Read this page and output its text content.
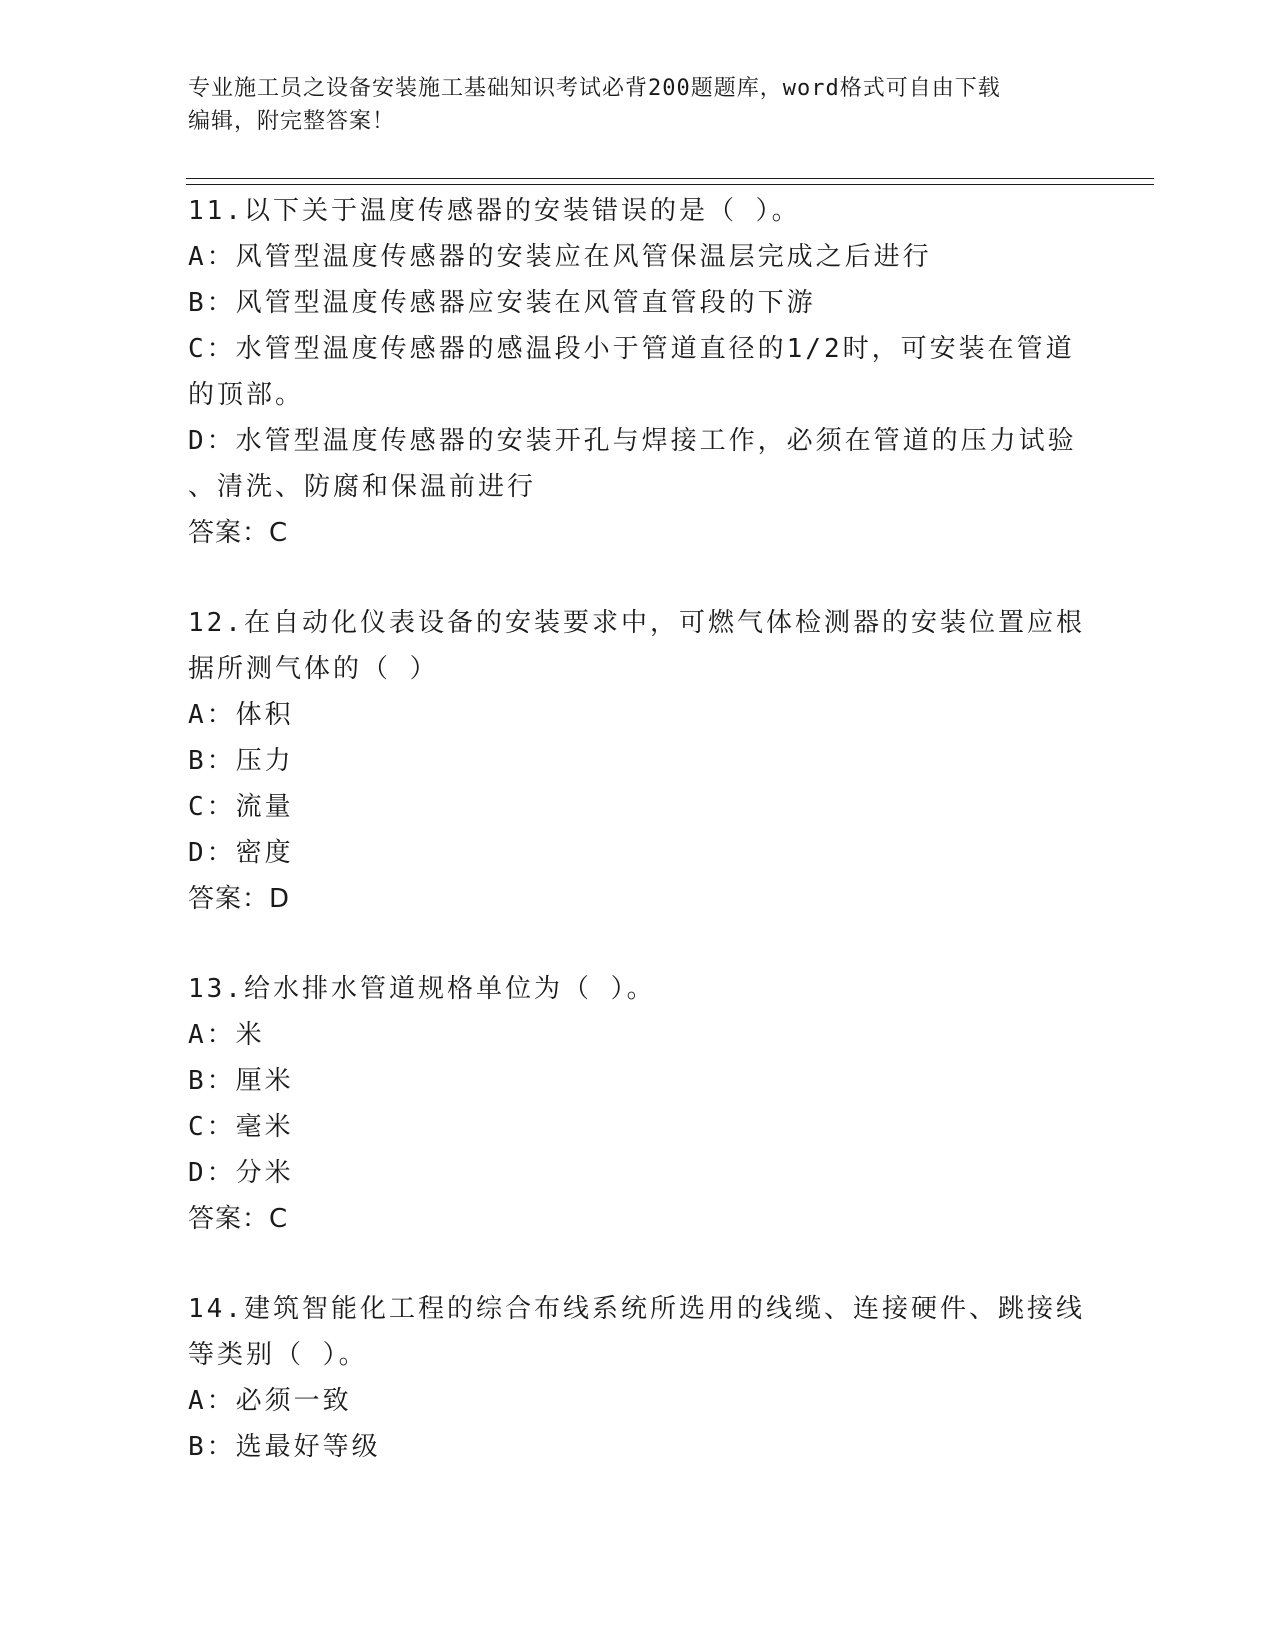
专业施工员之设备安装施工基础知识考试必背200题题库，word格式可自由下载
编辑，附完整答案！
11.以下关于温度传感器的安装错误的是（ ）。
A：风管型温度传感器的安装应在风管保温层完成之后进行
B：风管型温度传感器应安装在风管直管段的下游
C：水管型温度传感器的感温段小于管道直径的1/2时，可安装在管道
的顶部。
D：水管型温度传感器的安装开孔与焊接工作，必须在管道的压力试验
、清洗、防腐和保温前进行
答案：C
12.在自动化仪表设备的安装要求中，可燃气体检测器的安装位置应根
据所测气体的（ ）
A：体积
B：压力
C：流量
D：密度
答案：D
13.给水排水管道规格单位为（ ）。
A：米
B：厘米
C：毫米
D：分米
答案：C
14.建筑智能化工程的综合布线系统所选用的线缆、连接硬件、跳接线
等类别（ ）。
A：必须一致
B：选最好等级
